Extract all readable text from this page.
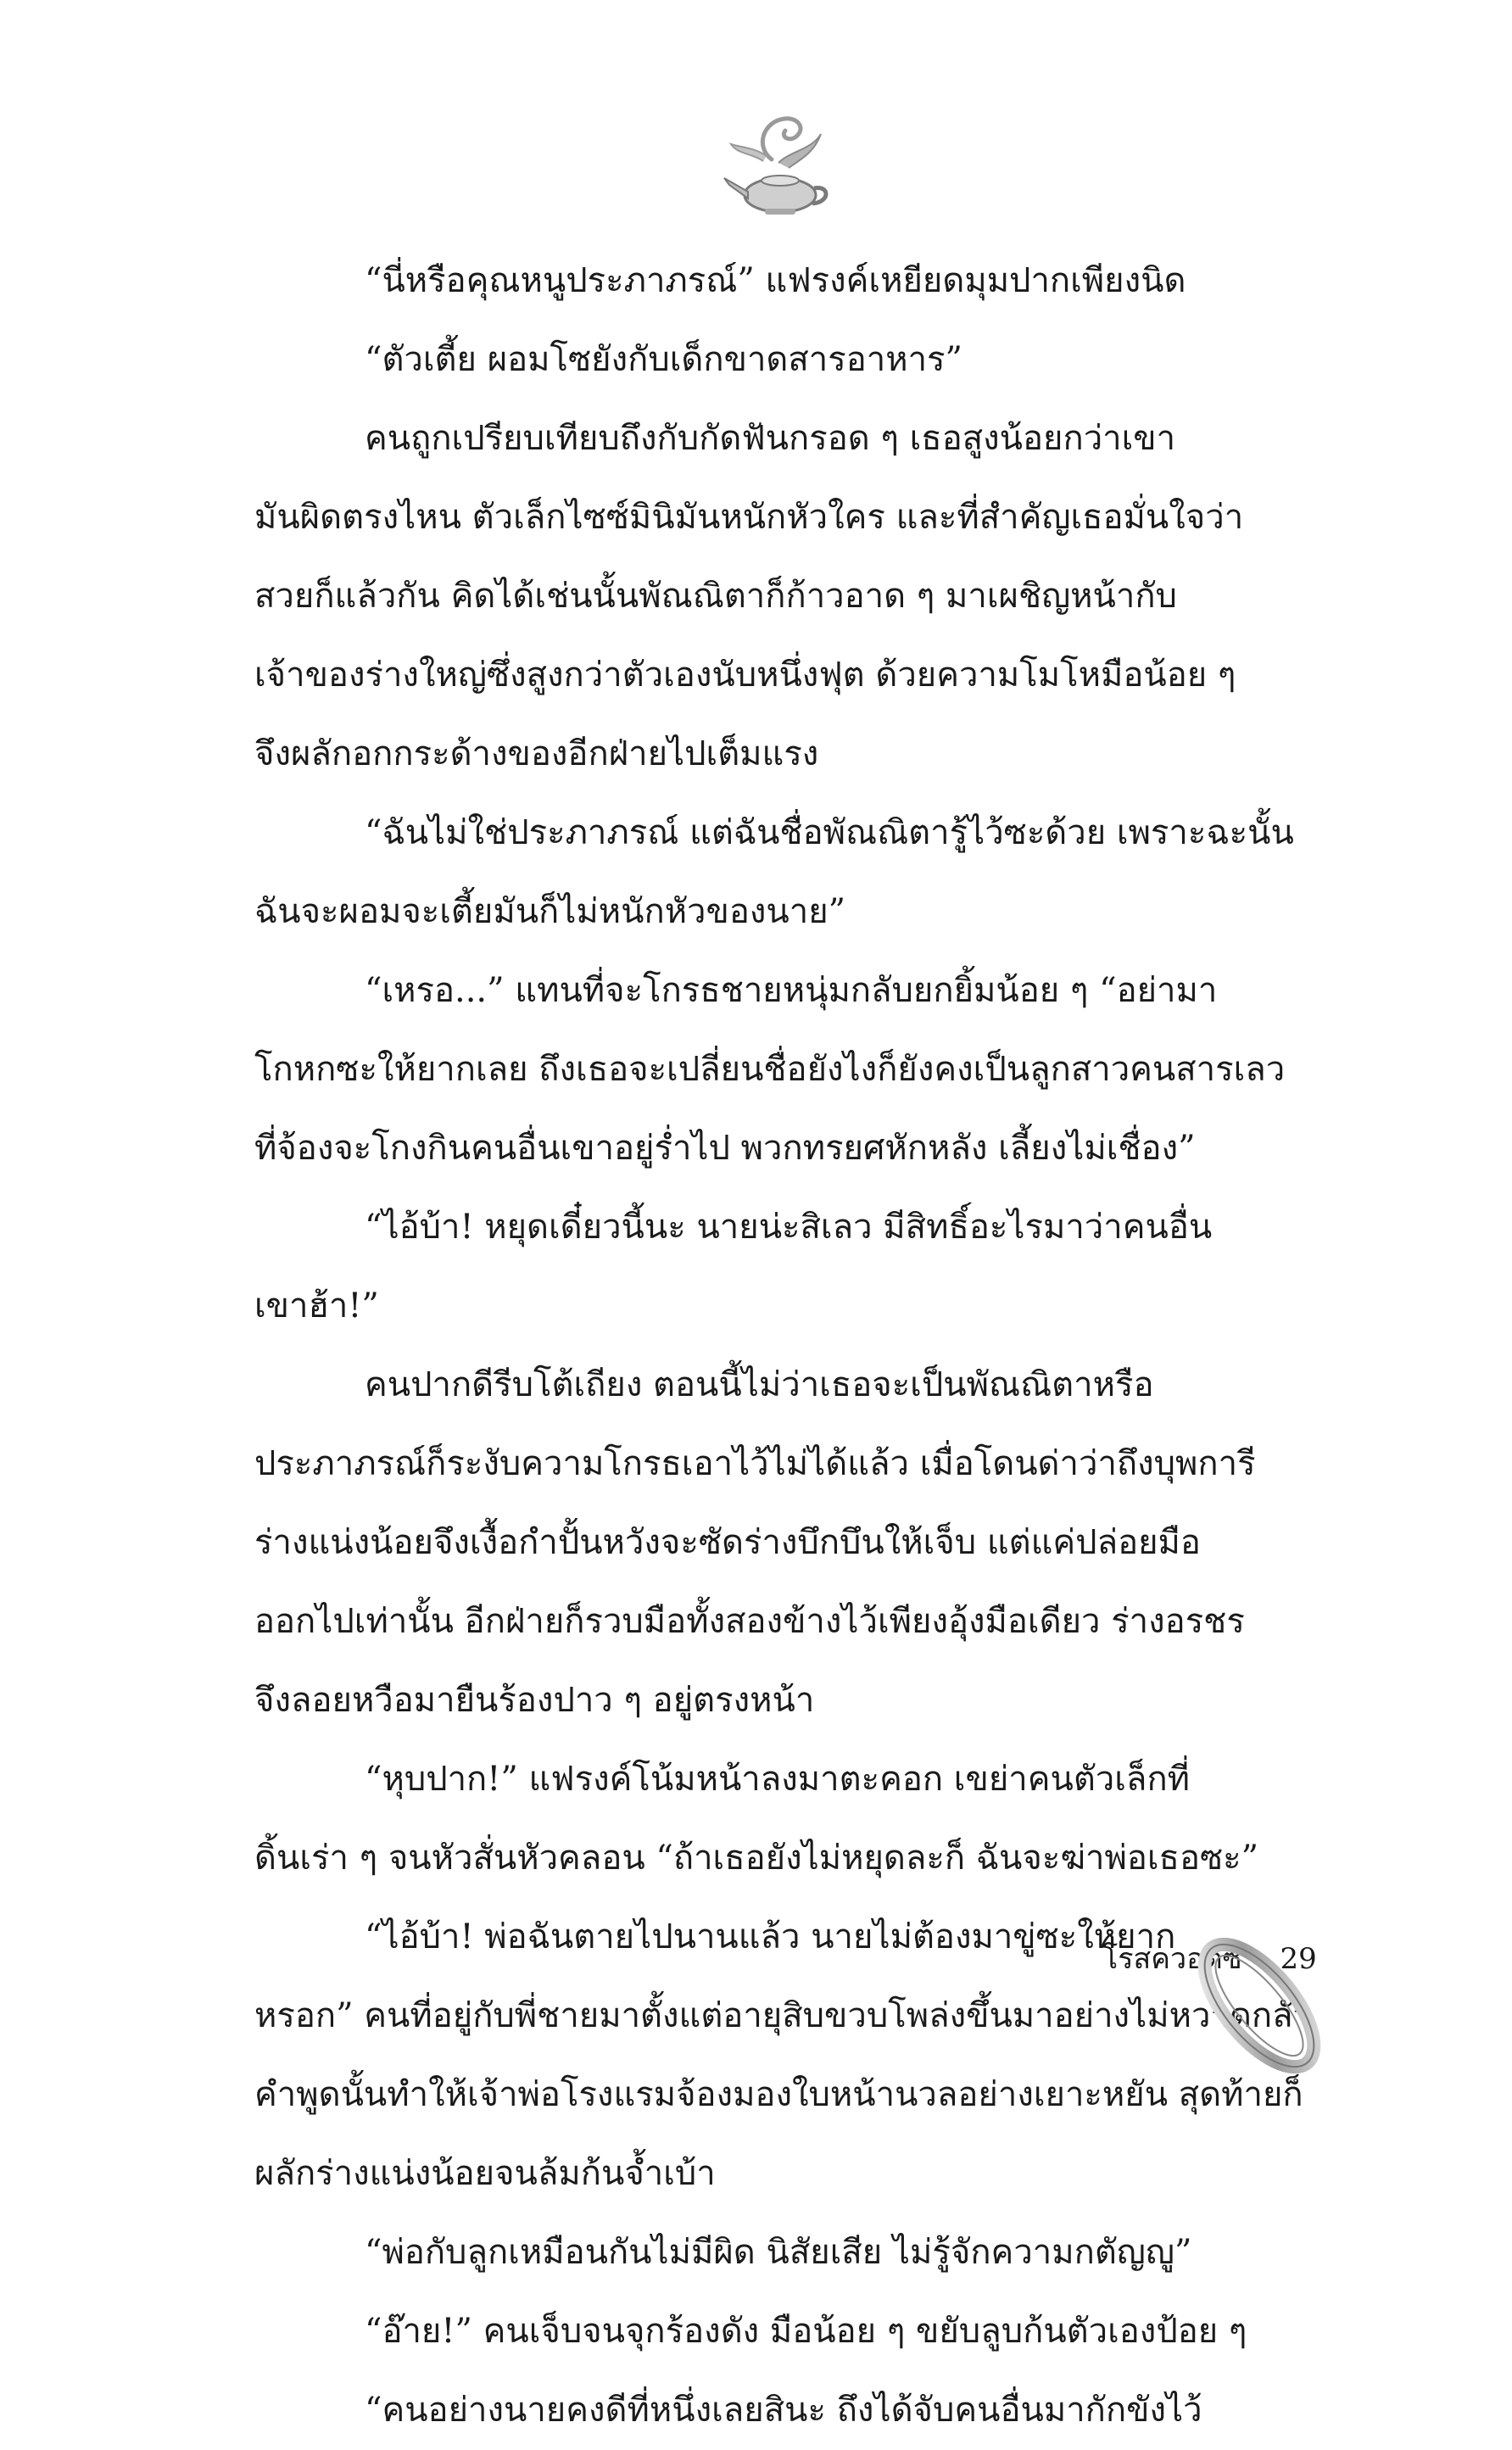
“นี่หรือคุณหนูประภาภรณ์” แฟรงค์เหยียดมุมปากเพียงนิด
“ตัวเตี้ย ผอมโซยังกับเด็กขาดสารอาหาร”
คนถูกเปรียบเทียบถึงกับกัดฟันกรอด ๆ เธอสูงน้อยกว่าเขา
มันผิดตรงไหน ตัวเล็กไซซ์มินิมันหนักหัวใคร และที่สำคัญเธอมั่นใจว่า
สวยก็แล้วกัน คิดได้เช่นนั้นพัณณิตาก็ก้าวอาด ๆ มาเผชิญหน้ากับ
เจ้าของร่างใหญ่ซึ่งสูงกว่าตัวเองนับหนึ่งฟุต ด้วยความโมโหมือน้อย ๆ
จึงผลักอกกระด้างของอีกฝ่ายไปเต็มแรง
“ฉันไม่ใช่ประภาภรณ์ แต่ฉันชื่อพัณณิตารู้ไว้ซะด้วย เพราะฉะนั้น
ฉันจะผอมจะเตี้ยมันก็ไม่หนักหัวของนาย”
“เหรอ...” แทนที่จะโกรธชายหนุ่มกลับยกยิ้มน้อย ๆ “อย่ามา
โกหกซะให้ยากเลย ถึงเธอจะเปลี่ยนชื่อยังไงก็ยังคงเป็นลูกสาวคนสารเลว
ที่จ้องจะโกงกินคนอื่นเขาอยู่ร่ำไป พวกทรยศหักหลัง เลี้ยงไม่เชื่อง”
“ไอ้บ้า! หยุดเดี๋ยวนี้นะ นายน่ะสิเลว มีสิทธิ์อะไรมาว่าคนอื่น
เขาฮ้า!”
คนปากดีรีบโต้เถียง ตอนนี้ไม่ว่าเธอจะเป็นพัณณิตาหรือ
ประภาภรณ์ก็ระงับความโกรธเอาไว้ไม่ได้แล้ว เมื่อโดนด่าว่าถึงบุพการี
ร่างแน่งน้อยจึงเงื้อกำปั้นหวังจะซัดร่างบึกบึนให้เจ็บ แต่แค่ปล่อยมือ
ออกไปเท่านั้น อีกฝ่ายก็รวบมือทั้งสองข้างไว้เพียงอุ้งมือเดียว ร่างอรชร
จึงลอยหวือมายืนร้องปาว ๆ อยู่ตรงหน้า
“หุบปาก!” แฟรงค์โน้มหน้าลงมาตะคอก เขย่าคนตัวเล็กที่
ดิ้นเร่า ๆ จนหัวสั่นหัวคลอน “ถ้าเธอยังไม่หยุดละก็ ฉันจะฆ่าพ่อเธอซะ”
“ไอ้บ้า! พ่อฉันตายไปนานแล้ว นายไม่ต้องมาขู่ซะให้ยาก
หรอก” คนที่อยู่กับพี่ชายมาตั้งแต่อายุสิบขวบโพล่งขึ้นมาอย่างไม่หวาดกลัว
คำพูดนั้นทำให้เจ้าพ่อโรงแรมจ้องมองใบหน้านวลอย่างเยาะหยัน สุดท้ายก็
ผลักร่างแน่งน้อยจนล้มก้นจ้ำเบ้า
“พ่อกับลูกเหมือนกันไม่มีผิด นิสัยเสีย ไม่รู้จักความกตัญญู”
“อ๊าย!” คนเจ็บจนจุกร้องดัง มือน้อย ๆ ขยับลูบก้นตัวเองป้อย ๆ
“คนอย่างนายคงดีที่หนึ่งเลยสินะ ถึงได้จับคนอื่นมากักขังไว้
โรสควอตซ์ 29
